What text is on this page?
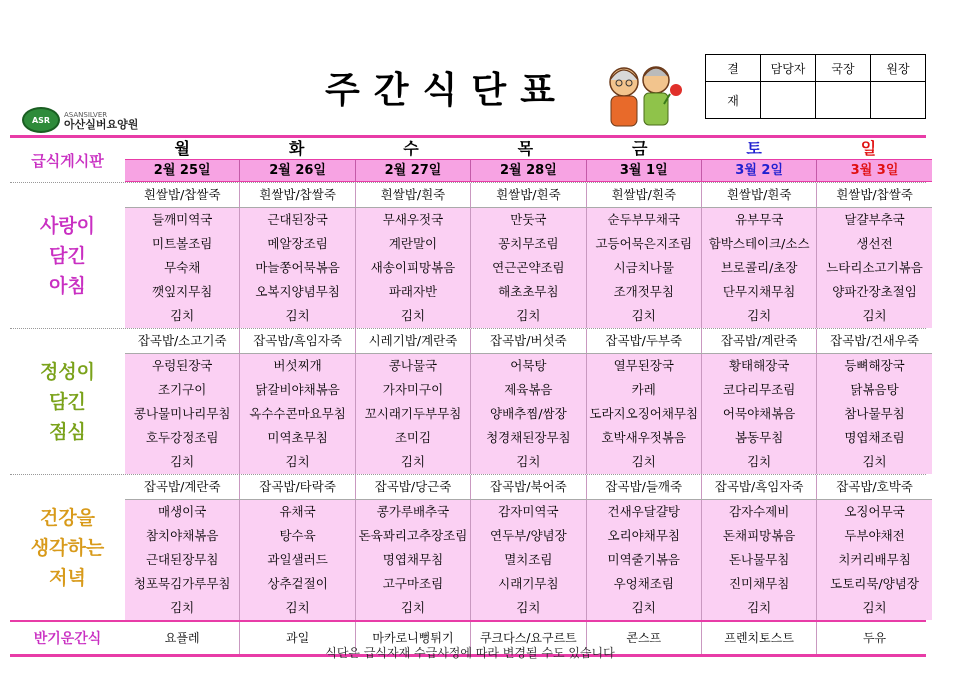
ASR
ASANSILVER
아산실버요양원
주간식단표
결	담당자	국장	원장
재			
급식게시판
월	화	수	목	금	토	일
2월 25일	2월 26일	2월 27일	2월 28일	3월 1일	3월 2일	3월 3일
사랑이
담긴
아침
흰쌀밥/찹쌀죽	흰쌀밥/찹쌀죽	흰쌀밥/흰죽	흰쌀밥/흰죽	흰쌀밥/흰죽	흰쌀밥/흰죽	흰쌀밥/찹쌀죽
들깨미역국	근대된장국	무새우젓국	만둣국	순두부무채국	유부무국	달걀부추국
미트볼조림	메알장조림	계란말이	꽁치무조림	고등어묵은지조림	함박스테이크/소스	생선전
무숙채	마늘쫑어묵볶음	새송이피망볶음	연근곤약조림	시금치나물	브로콜리/초장	느타리소고기볶음
깻잎지무침	오복지양념무침	파래자반	해초초무침	조개젓무침	단무지채무침	양파간장초절임
김치	김치	김치	김치	김치	김치	김치
정성이
담긴
점심
잡곡밥/소고기죽	잡곡밥/흑임자죽	시레기밥/계란죽	잡곡밥/버섯죽	잡곡밥/두부죽	잡곡밥/계란죽	잡곡밥/건새우죽
우렁된장국	버섯찌개	콩나물국	어묵탕	열무된장국	황태해장국	등뼈해장국
조기구이	닭갈비야채볶음	가자미구이	제육볶음	카레	코다리무조림	닭볶음탕
콩나물미나리무침	옥수수콘마요무침	꼬시래기두부무침	양배추찜/쌈장	도라지오징어채무침	어묵야채볶음	참나물무침
호두강정조림	미역초무침	조미김	청경채된장무침	호박새우젓볶음	봄동무침	명엽채조림
김치	김치	김치	김치	김치	김치	김치
건강을
생각하는
저녁
잡곡밥/계란죽	잡곡밥/타락죽	잡곡밥/당근죽	잡곡밥/북어죽	잡곡밥/들깨죽	잡곡밥/흑임자죽	잡곡밥/호박죽
매생이국	유채국	콩가루배추국	감자미역국	건새우달걀탕	감자수제비	오징어무국
참치야채볶음	탕수육	돈육꽈리고추장조림	연두부/양념장	오리야채무침	돈채피망볶음	두부야채전
근대된장무침	과일샐러드	명엽채무침	멸치조림	미역줄기볶음	돈나물무침	치커리배무침
청포묵김가루무침	상추겉절이	고구마조림	시래기무침	우엉채조림	진미채무침	도토리묵/양념장
김치	김치	김치	김치	김치	김치	김치
반기운간식	요플레	과일	마카로니뻥튀기	쿠크다스/요구르트	콘스프	프렌치토스트	두유
식단은 급식자재 수급사정에 따라 변경될 수도 있습니다
